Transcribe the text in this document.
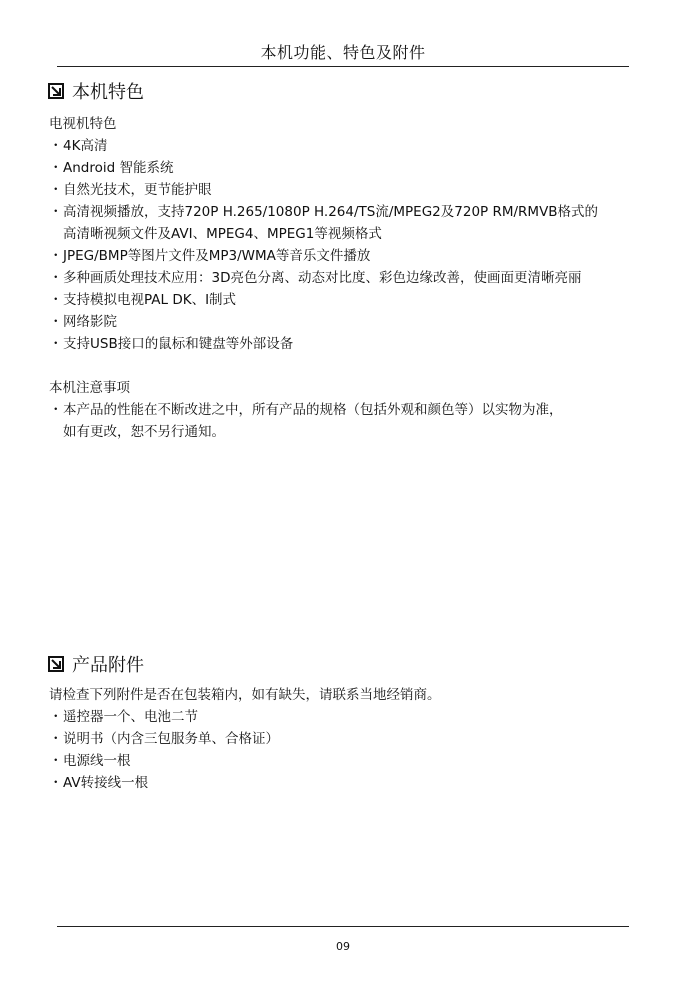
本机功能、特色及附件
本机特色
电视机特色
・ 4K高清
・ Android 智能系统
・ 自然光技术，更节能护眼
・ 高清视频播放，支持720P H.265/1080P H.264/TS流/MPEG2及720P RM/RMVB格式的
高清晰视频文件及AVI、MPEG4、MPEG1等视频格式
・ JPEG/BMP等图片文件及MP3/WMA等音乐文件播放
・ 多种画质处理技术应用：3D亮色分离、动态对比度、彩色边缘改善，使画面更清晰亮丽
・ 支持模拟电视PAL DK、I制式
・ 网络影院
・ 支持USB接口的鼠标和键盘等外部设备
本机注意事项
・ 本产品的性能在不断改进之中，所有产品的规格（包括外观和颜色等）以实物为准，
如有更改，恕不另行通知。
产品附件
请检查下列附件是否在包装箱内，如有缺失，请联系当地经销商。
・ 遥控器一个、电池二节
・ 说明书（内含三包服务单、合格证）
・ 电源线一根
・ AV转接线一根
09
